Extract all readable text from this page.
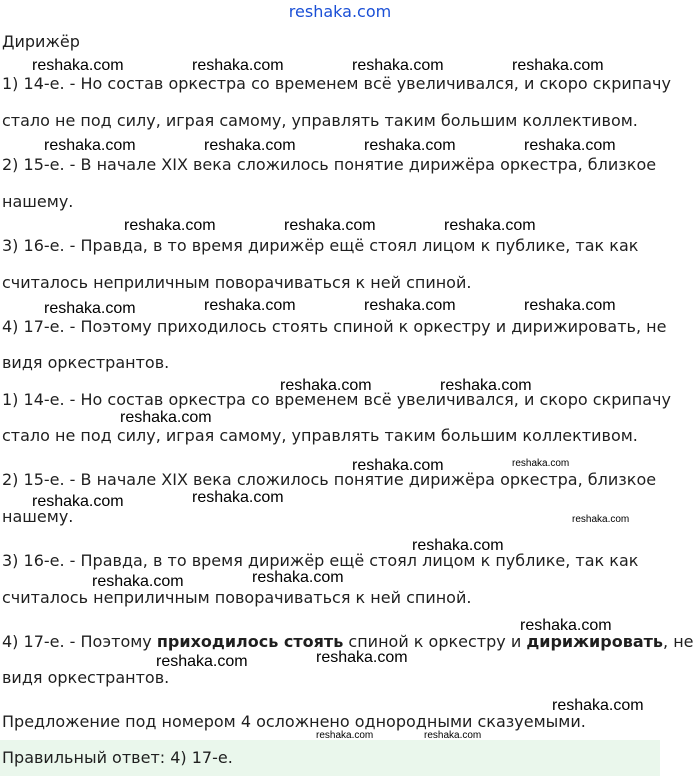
reshaka.com
Дирижёр
1) 14-е. - Но состав оркестра со временем всё увеличивался, и скоро скрипачу
стало не под силу, играя самому, управлять таким большим коллективом.
2) 15-е. - В начале XIX века сложилось понятие дирижёра оркестра, близкое
нашему.
3) 16-е. - Правда, в то время дирижёр ещё стоял лицом к публике, так как
считалось неприличным поворачиваться к ней спиной.
4) 17-е. - Поэтому приходилось стоять спиной к оркестру и дирижировать, не
видя оркестрантов.
1) 14-е. - Но состав оркестра со временем всё увеличивался, и скоро скрипачу
стало не под силу, играя самому, управлять таким большим коллективом.
2) 15-е. - В начале XIX века сложилось понятие дирижёра оркестра, близкое
нашему.
3) 16-е. - Правда, в то время дирижёр ещё стоял лицом к публике, так как
считалось неприличным поворачиваться к ней спиной.
4) 17-е. - Поэтому приходилось стоять спиной к оркестру и дирижировать, не
видя оркестрантов.
Предложение под номером 4 осложнено однородными сказуемыми.
Правильный ответ: 4) 17-е.
reshaka.com	reshaka.com	reshaka.com	reshaka.com
reshaka.com	reshaka.com	reshaka.com	reshaka.com
reshaka.com	reshaka.com	reshaka.com
reshaka.com	reshaka.com	reshaka.com	reshaka.com
reshaka.com	reshaka.com
reshaka.com
reshaka.com	reshaka.com
reshaka.com
reshaka.com
reshaka.com
reshaka.com
reshaka.com
reshaka.com
reshaka.com
reshaka.com
reshaka.com
reshaka.com
reshaka.com	reshaka.com
